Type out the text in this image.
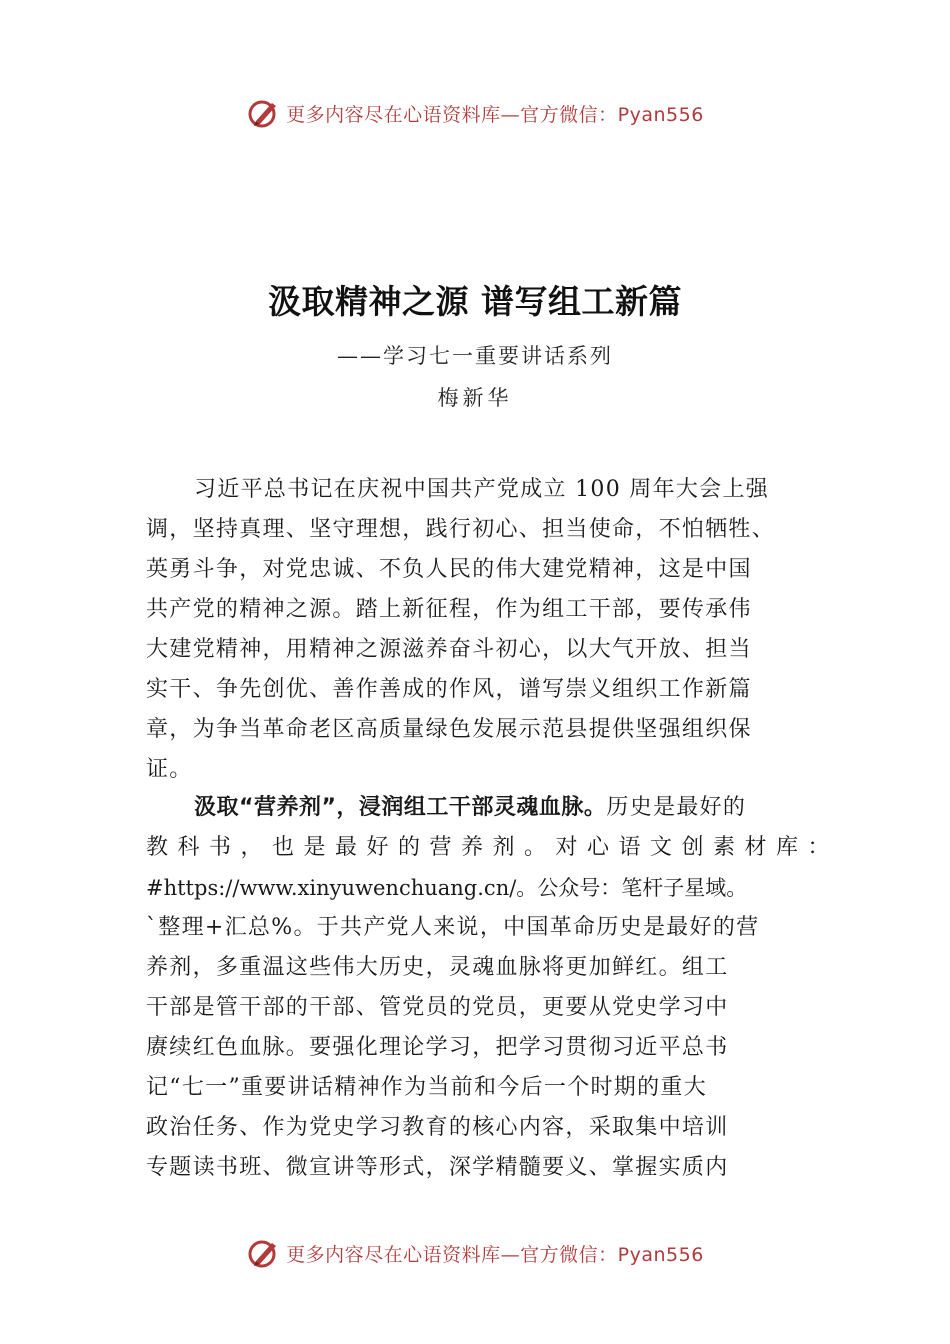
更多内容尽在心语资料库—官方微信：Pyan556
汲取精神之源 谱写组工新篇
——学习七一重要讲话系列
梅新华
习近平总书记在庆祝中国共产党成立 100 周年大会上强
调，坚持真理、坚守理想，践行初心、担当使命，不怕牺牲、
英勇斗争，对党忠诚、不负人民的伟大建党精神，这是中国
共产党的精神之源。踏上新征程，作为组工干部，要传承伟
大建党精神，用精神之源滋养奋斗初心，以大气开放、担当
实干、争先创优、善作善成的作风，谱写崇义组织工作新篇
章，为争当革命老区高质量绿色发展示范县提供坚强组织保
证。
汲取“营养剂”，浸润组工干部灵魂血脉。历史是最好的
教科书，也是最好的营养剂。对心语文创素材库：
#https://www.xinyuwenchuang.cn/。公众号：笔杆子星域。
`整理+汇总%。于共产党人来说，中国革命历史是最好的营
养剂，多重温这些伟大历史，灵魂血脉将更加鲜红。组工
干部是管干部的干部、管党员的党员，更要从党史学习中
赓续红色血脉。要强化理论学习，把学习贯彻习近平总书
记“七一”重要讲话精神作为当前和今后一个时期的重大
政治任务、作为党史学习教育的核心内容，采取集中培训
专题读书班、微宣讲等形式，深学精髓要义、掌握实质内
更多内容尽在心语资料库—官方微信：Pyan556
